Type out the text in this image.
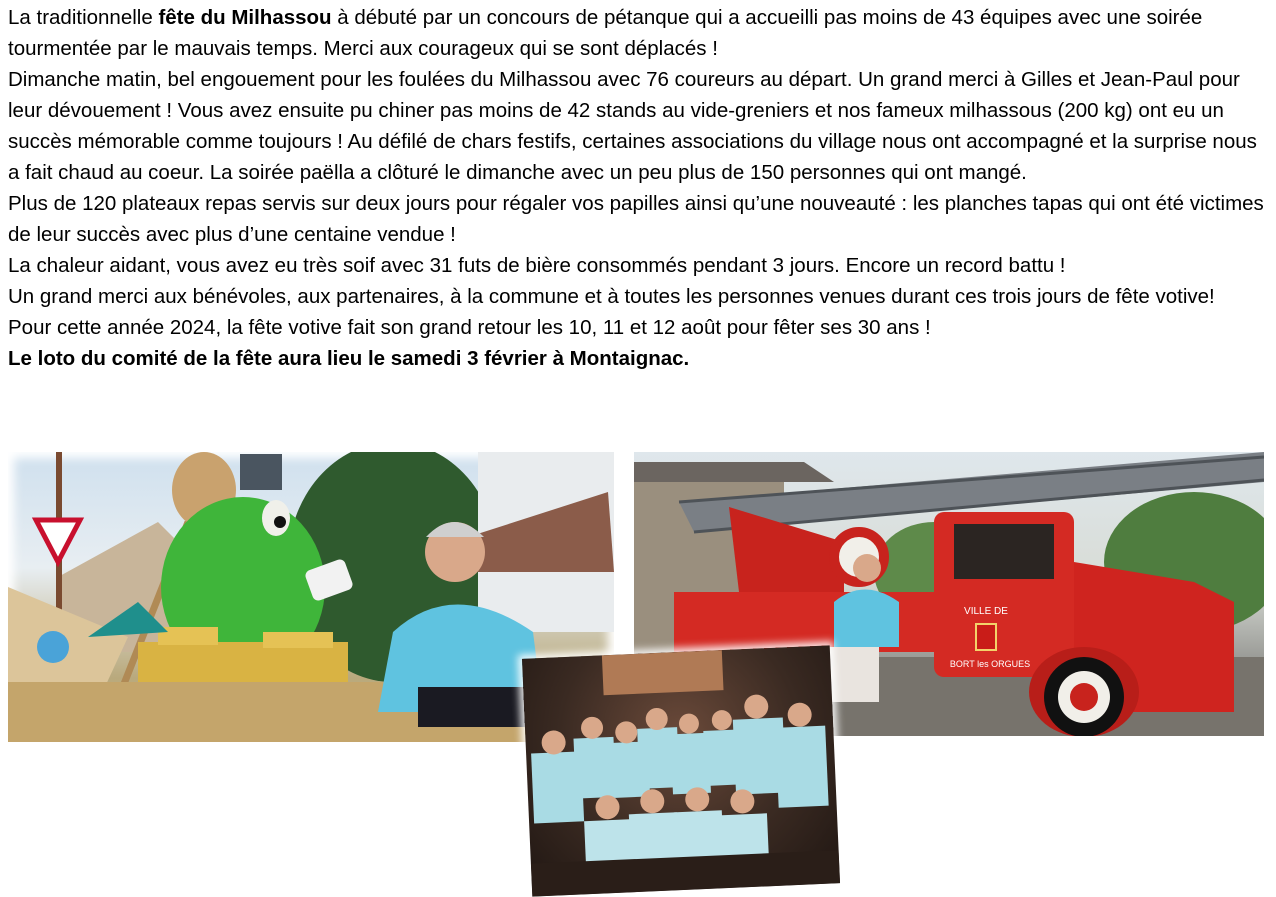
La traditionnelle fête du Milhassou à débuté par un concours de pétanque qui a accueilli pas moins de 43 équipes avec une soirée tourmentée par le mauvais temps. Merci aux courageux qui se sont déplacés !

Dimanche matin, bel engouement pour les foulées du Milhassou avec 76 coureurs au départ. Un grand merci à Gilles et Jean-Paul pour leur dévouement ! Vous avez ensuite pu chiner pas moins de 42 stands au vide-greniers et nos fameux milhassous (200 kg) ont eu un succès mémorable comme toujours ! Au défilé de chars festifs, certaines associations du village nous ont accompagné et la surprise nous a fait chaud au coeur. La soirée paëlla a clôturé le dimanche avec un peu plus de 150 personnes qui ont mangé.

Plus de 120 plateaux repas servis sur deux jours pour régaler vos papilles ainsi qu’une nouveauté : les planches tapas qui ont été victimes de leur succès avec plus d’une centaine vendue !

La chaleur aidant, vous avez eu très soif avec 31 futs de bière consommés pendant 3 jours. Encore un record battu !

Un grand merci aux bénévoles, aux partenaires, à la commune et à toutes les personnes venues durant ces trois jours de fête votive!

Pour cette année 2024, la fête votive fait son grand retour les 10, 11 et 12 août pour fêter ses 30 ans !

Le loto du comité de la fête aura lieu le samedi 3 février à Montaignac.

VILLE DE
BORT les ORGUES
